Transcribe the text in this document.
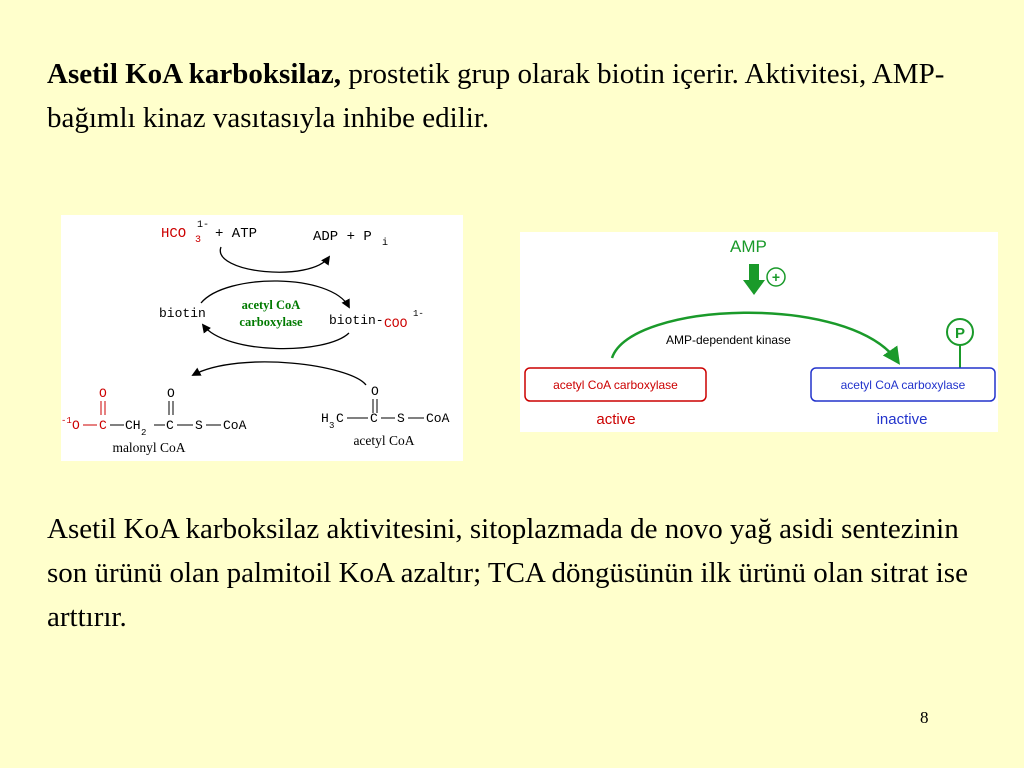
Asetil KoA karboksilaz, prostetik grup olarak biotin içerir. Aktivitesi, AMP-bağımlı kinaz vasıtasıyla inhibe edilir.
HCO 3
1-
+ ATP	ADP + P i
acetyl CoA
carboxylase
biotin	biotin- COO
1-
O	O
-1 O C CH 2 C S CoA
malonyl CoA
O
H 3 C C S CoA
acetyl CoA
AMP
+
AMP-dependent kinase	P
acetyl CoA carboxylase	acetyl CoA carboxylase
active	inactive
Asetil KoA karboksilaz aktivitesini, sitoplazmada de novo yağ asidi sentezinin son ürünü olan palmitoil KoA azaltır; TCA döngüsünün ilk ürünü olan sitrat ise arttırır.
8
